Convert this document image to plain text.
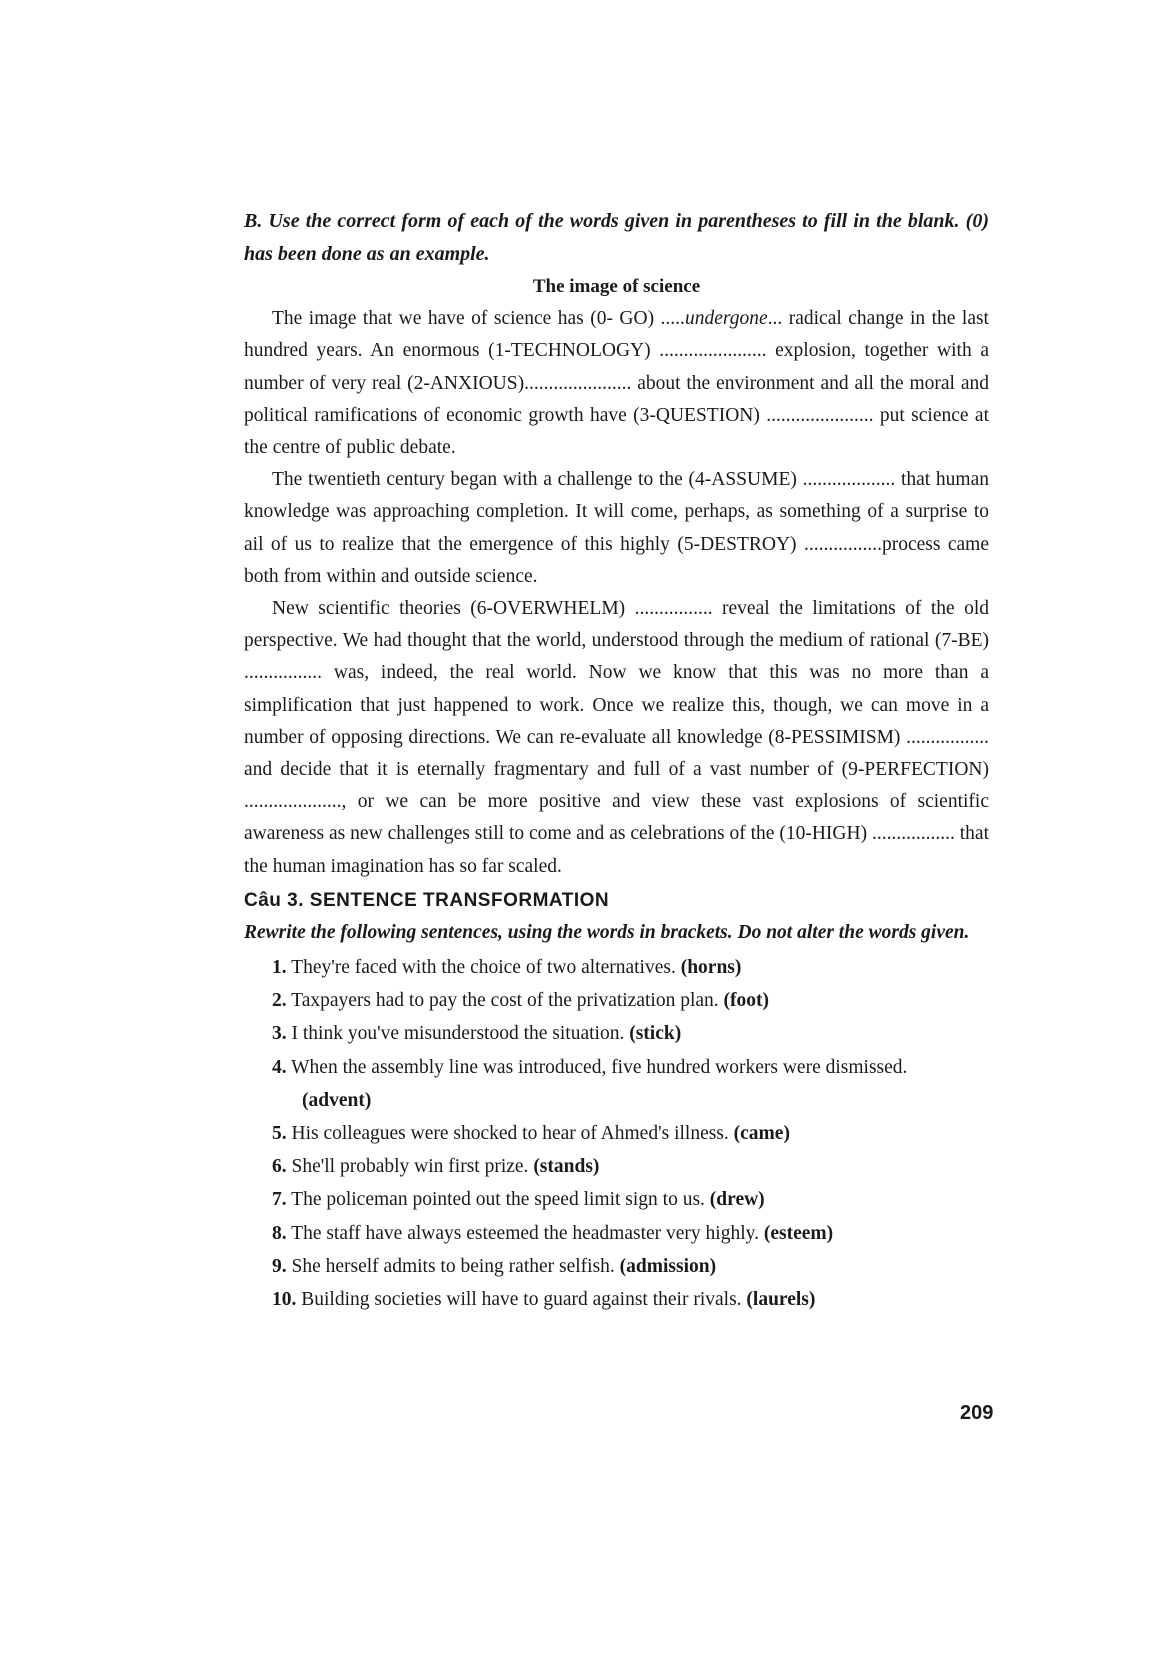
B. Use the correct form of each of the words given in parentheses to fill in the blank. (0) has been done as an example.
The image of science

The image that we have of science has (0- GO) .....undergone... radical change in the last hundred years. An enormous (1-TECHNOLOGY) ...................... explosion, together with a number of very real (2-ANXIOUS)...................... about the environment and all the moral and political ramifications of economic growth have (3-QUESTION) ...................... put science at the centre of public debate.

The twentieth century began with a challenge to the (4-ASSUME) ................... that human knowledge was approaching completion. It will come, perhaps, as something of a surprise to ail of us to realize that the emergence of this highly (5-DESTROY) ................process came both from within and outside science.

New scientific theories (6-OVERWHELM) ................ reveal the limitations of the old perspective. We had thought that the world, understood through the medium of rational (7-BE) ................ was, indeed, the real world. Now we know that this was no more than a simplification that just happened to work. Once we realize this, though, we can move in a number of opposing directions. We can re-evaluate all knowledge (8-PESSIMISM) ................. and decide that it is eternally fragmentary and full of a vast number of (9-PERFECTION) ...................., or we can be more positive and view these vast explosions of scientific awareness as new challenges still to come and as celebrations of the (10-HIGH) ................. that the human imagination has so far scaled.

Câu 3. SENTENCE TRANSFORMATION
Rewrite the following sentences, using the words in brackets. Do not alter the words given.
1. They're faced with the choice of two alternatives. (horns)
2. Taxpayers had to pay the cost of the privatization plan. (foot)
3. I think you've misunderstood the situation. (stick)
4. When the assembly line was introduced, five hundred workers were dismissed.
(advent)
5. His colleagues were shocked to hear of Ahmed's illness. (came)
6. She'll probably win first prize. (stands)
7. The policeman pointed out the speed limit sign to us. (drew)
8. The staff have always esteemed the headmaster very highly. (esteem)
9. She herself admits to being rather selfish. (admission)
10. Building societies will have to guard against their rivals. (laurels)
209
